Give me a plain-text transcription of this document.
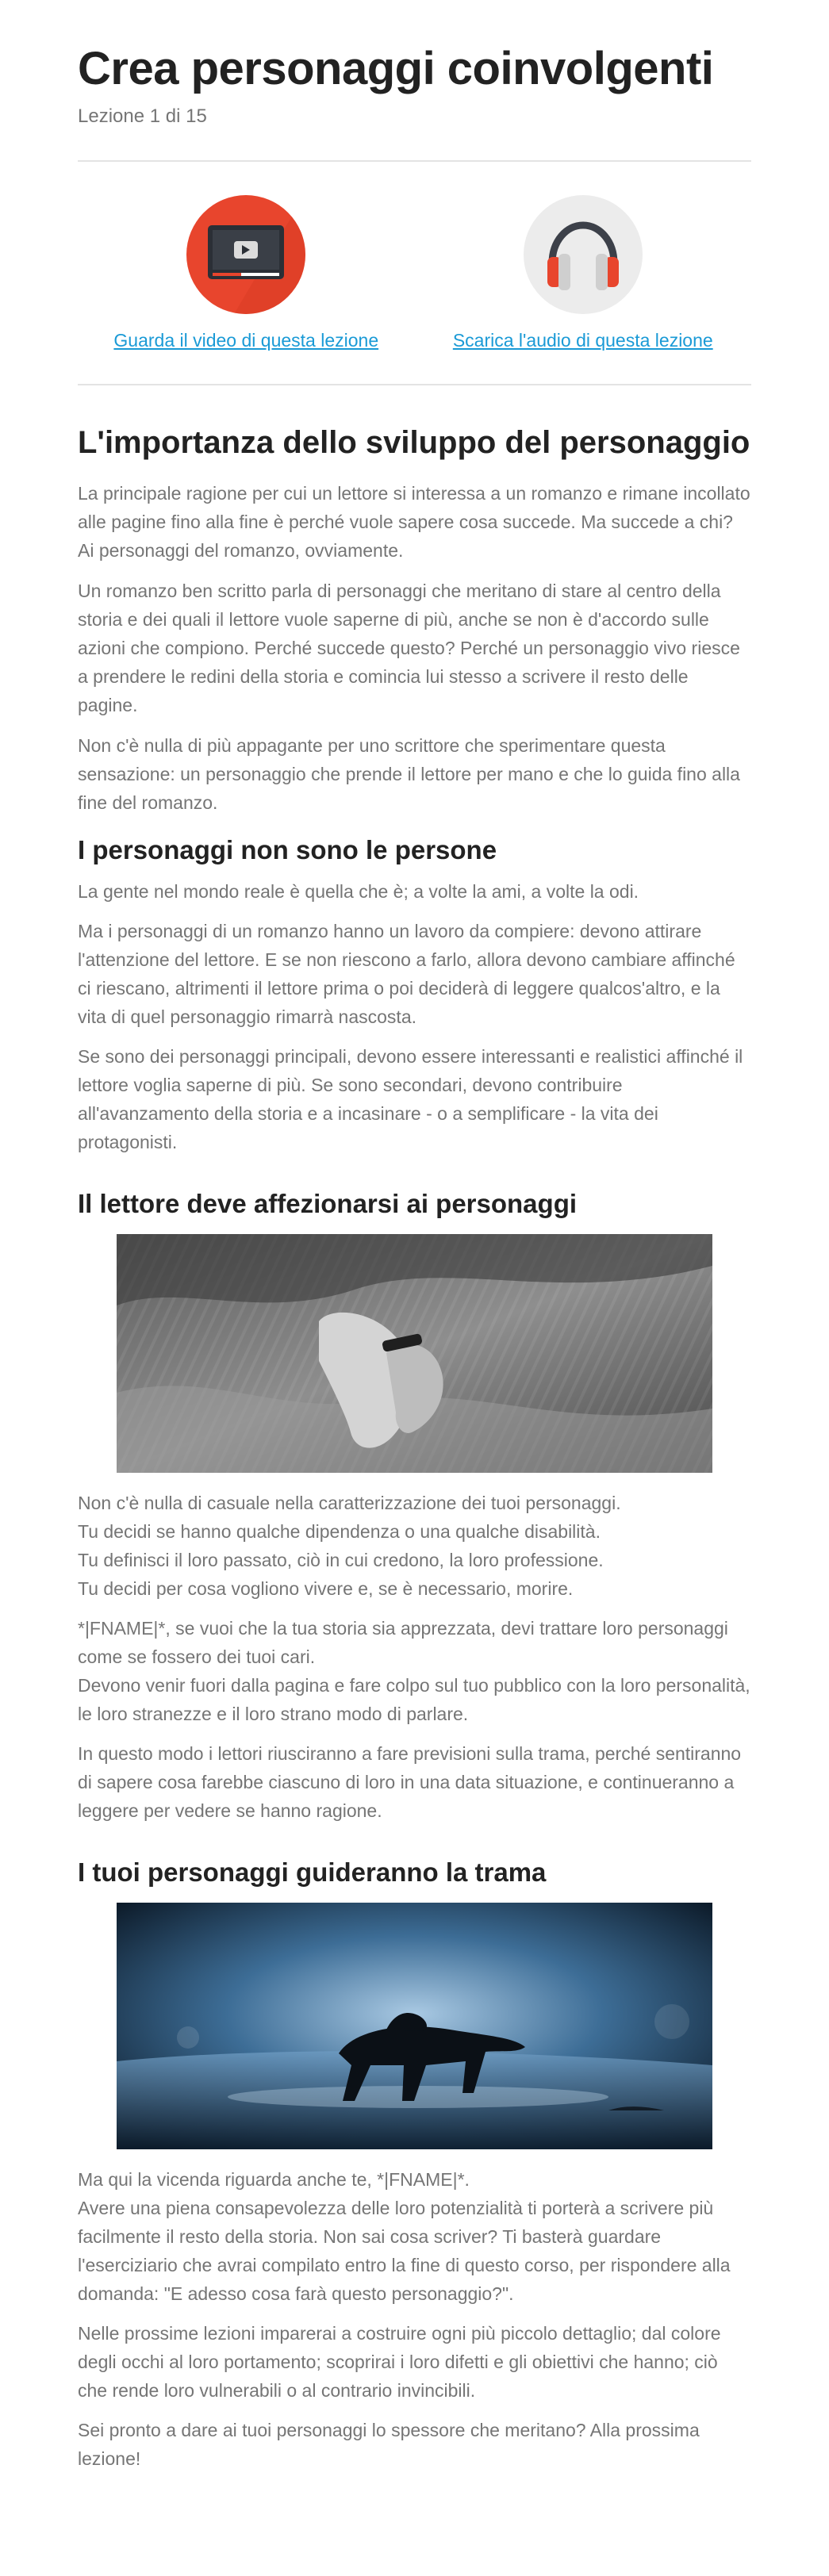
Crea personaggi coinvolgenti
Lezione 1 di 15
Guarda il video di questa lezione	Scarica l'audio di questa lezione
L'importanza dello sviluppo del personaggio

La principale ragione per cui un lettore si interessa a un romanzo e rimane incollato alle pagine fino alla fine è perché vuole sapere cosa succede. Ma succede a chi? Ai personaggi del romanzo, ovviamente.

Un romanzo ben scritto parla di personaggi che meritano di stare al centro della storia e dei quali il lettore vuole saperne di più, anche se non è d'accordo sulle azioni che compiono. Perché succede questo? Perché un personaggio vivo riesce a prendere le redini della storia e comincia lui stesso a scrivere il resto delle pagine.

Non c'è nulla di più appagante per uno scrittore che sperimentare questa sensazione: un personaggio che prende il lettore per mano e che lo guida fino alla fine del romanzo.

I personaggi non sono le persone

La gente nel mondo reale è quella che è; a volte la ami, a volte la odi.

Ma i personaggi di un romanzo hanno un lavoro da compiere: devono attirare l'attenzione del lettore. E se non riescono a farlo, allora devono cambiare affinché ci riescano, altrimenti il lettore prima o poi deciderà di leggere qualcos'altro, e la vita di quel personaggio rimarrà nascosta.

Se sono dei personaggi principali, devono essere interessanti e realistici affinché il lettore voglia saperne di più. Se sono secondari, devono contribuire all'avanzamento della storia e a incasinare - o a semplificare - la vita dei protagonisti.

Il lettore deve affezionarsi ai personaggi

Non c'è nulla di casuale nella caratterizzazione dei tuoi personaggi.
Tu decidi se hanno qualche dipendenza o una qualche disabilità.
Tu definisci il loro passato, ciò in cui credono, la loro professione.
Tu decidi per cosa vogliono vivere e, se è necessario, morire.

*|FNAME|*, se vuoi che la tua storia sia apprezzata, devi trattare loro personaggi come se fossero dei tuoi cari.
Devono venir fuori dalla pagina e fare colpo sul tuo pubblico con la loro personalità, le loro stranezze e il loro strano modo di parlare.

In questo modo i lettori riusciranno a fare previsioni sulla trama, perché sentiranno di sapere cosa farebbe ciascuno di loro in una data situazione, e continueranno a leggere per vedere se hanno ragione.

I tuoi personaggi guideranno la trama

Ma qui la vicenda riguarda anche te, *|FNAME|*.
Avere una piena consapevolezza delle loro potenzialità ti porterà a scrivere più facilmente il resto della storia. Non sai cosa scriver? Ti basterà guardare l'eserciziario che avrai compilato entro la fine di questo corso, per rispondere alla domanda: "E adesso cosa farà questo personaggio?".

Nelle prossime lezioni imparerai a costruire ogni più piccolo dettaglio; dal colore degli occhi al loro portamento; scoprirai i loro difetti e gli obiettivi che hanno; ciò che rende loro vulnerabili o al contrario invincibili.

Sei pronto a dare ai tuoi personaggi lo spessore che meritano? Alla prossima lezione!
